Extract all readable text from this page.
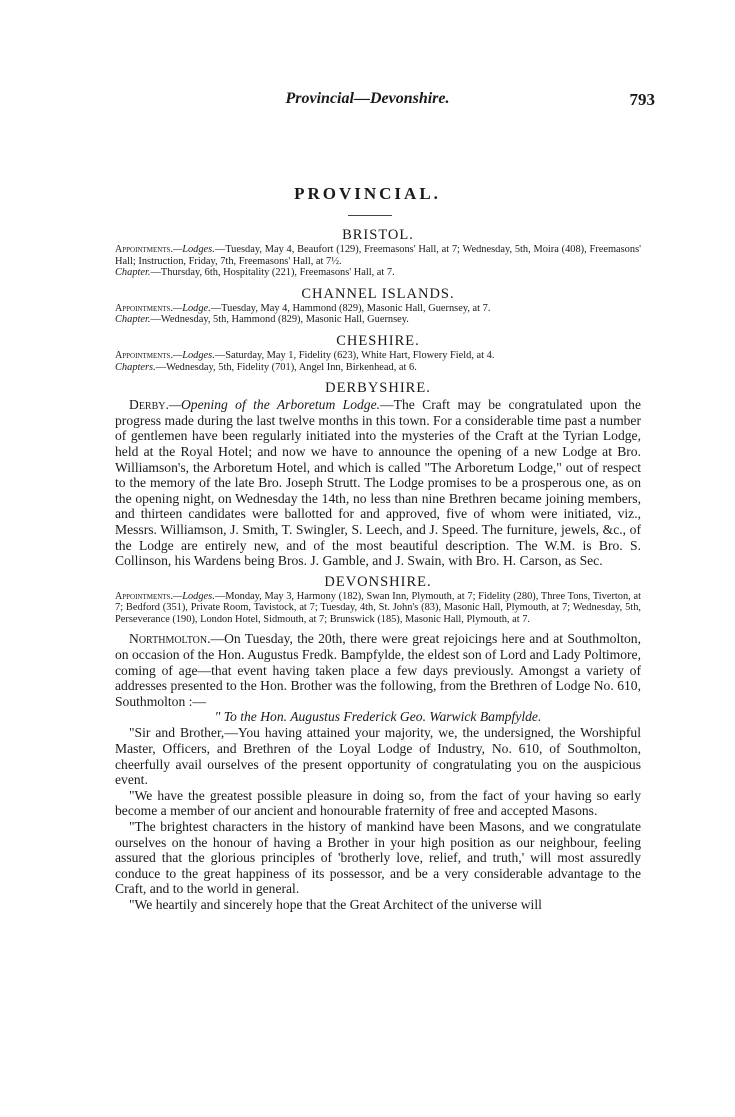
Provincial—Devonshire.	793
PROVINCIAL.

BRISTOL.

Appointments.—Lodges.—Tuesday, May 4, Beaufort (129), Freemasons' Hall, at 7; Wednesday, 5th, Moira (408), Freemasons' Hall; Instruction, Friday, 7th, Freemasons' Hall, at 7½.
Chapter.—Thursday, 6th, Hospitality (221), Freemasons' Hall, at 7.

CHANNEL ISLANDS.

Appointments.—Lodge.—Tuesday, May 4, Hammond (829), Masonic Hall, Guernsey, at 7.
Chapter.—Wednesday, 5th, Hammond (829), Masonic Hall, Guernsey.

CHESHIRE.

Appointments.—Lodges.—Saturday, May 1, Fidelity (623), White Hart, Flowery Field, at 4.
Chapters.—Wednesday, 5th, Fidelity (701), Angel Inn, Birkenhead, at 6.

DERBYSHIRE.

Derby.—Opening of the Arboretum Lodge.—The Craft may be congratulated upon the progress made during the last twelve months in this town. For a considerable time past a number of gentlemen have been regularly initiated into the mysteries of the Craft at the Tyrian Lodge, held at the Royal Hotel; and now we have to announce the opening of a new Lodge at Bro. Williamson's, the Arboretum Hotel, and which is called "The Arboretum Lodge," out of respect to the memory of the late Bro. Joseph Strutt. The Lodge promises to be a prosperous one, as on the opening night, on Wednesday the 14th, no less than nine Brethren became joining members, and thirteen candidates were ballotted for and approved, five of whom were initiated, viz., Messrs. Williamson, J. Smith, T. Swingler, S. Leech, and J. Speed. The furniture, jewels, &c., of the Lodge are entirely new, and of the most beautiful description. The W.M. is Bro. S. Collinson, his Wardens being Bros. J. Gamble, and J. Swain, with Bro. H. Carson, as Sec.

DEVONSHIRE.

Appointments.—Lodges.—Monday, May 3, Harmony (182), Swan Inn, Plymouth, at 7; Fidelity (280), Three Tons, Tiverton, at 7; Bedford (351), Private Room, Tavistock, at 7; Tuesday, 4th, St. John's (83), Masonic Hall, Plymouth, at 7; Wednesday, 5th, Perseverance (190), London Hotel, Sidmouth, at 7; Brunswick (185), Masonic Hall, Plymouth, at 7.

Northmolton.—On Tuesday, the 20th, there were great rejoicings here and at Southmolton, on occasion of the Hon. Augustus Fredk. Bampfylde, the eldest son of Lord and Lady Poltimore, coming of age—that event having taken place a few days previously. Amongst a variety of addresses presented to the Hon. Brother was the following, from the Brethren of Lodge No. 610, Southmolton :—

" To the Hon. Augustus Frederick Geo. Warwick Bampfylde.

"Sir and Brother,—You having attained your majority, we, the undersigned, the Worshipful Master, Officers, and Brethren of the Loyal Lodge of Industry, No. 610, of Southmolton, cheerfully avail ourselves of the present opportunity of congratulating you on the auspicious event.

"We have the greatest possible pleasure in doing so, from the fact of your having so early become a member of our ancient and honourable fraternity of free and accepted Masons.

"The brightest characters in the history of mankind have been Masons, and we congratulate ourselves on the honour of having a Brother in your high position as our neighbour, feeling assured that the glorious principles of 'brotherly love, relief, and truth,' will most assuredly conduce to the great happiness of its possessor, and be a very considerable advantage to the Craft, and to the world in general.

"We heartily and sincerely hope that the Great Architect of the universe will
